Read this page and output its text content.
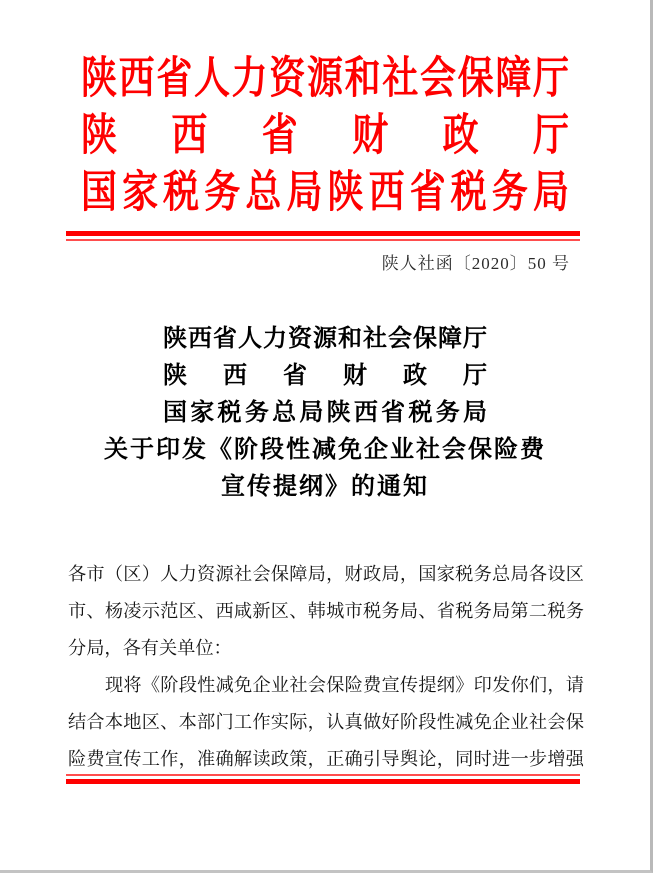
陕西省人力资源和社会保障厅
陕西省财政厅
国家税务总局陕西省税务局
陕人社函〔2020〕50 号
陕西省人力资源和社会保障厅
陕西省财政厅
国家税务总局陕西省税务局
关于印发《阶段性减免企业社会保险费
宣传提纲》的通知
各市（区）人力资源社会保障局，财政局，国家税务总局各设区
市、杨凌示范区、西咸新区、韩城市税务局、省税务局第二税务
分局，各有关单位：
现将《阶段性减免企业社会保险费宣传提纲》印发你们，请
结合本地区、本部门工作实际，认真做好阶段性减免企业社会保
险费宣传工作，准确解读政策，正确引导舆论，同时进一步增强
